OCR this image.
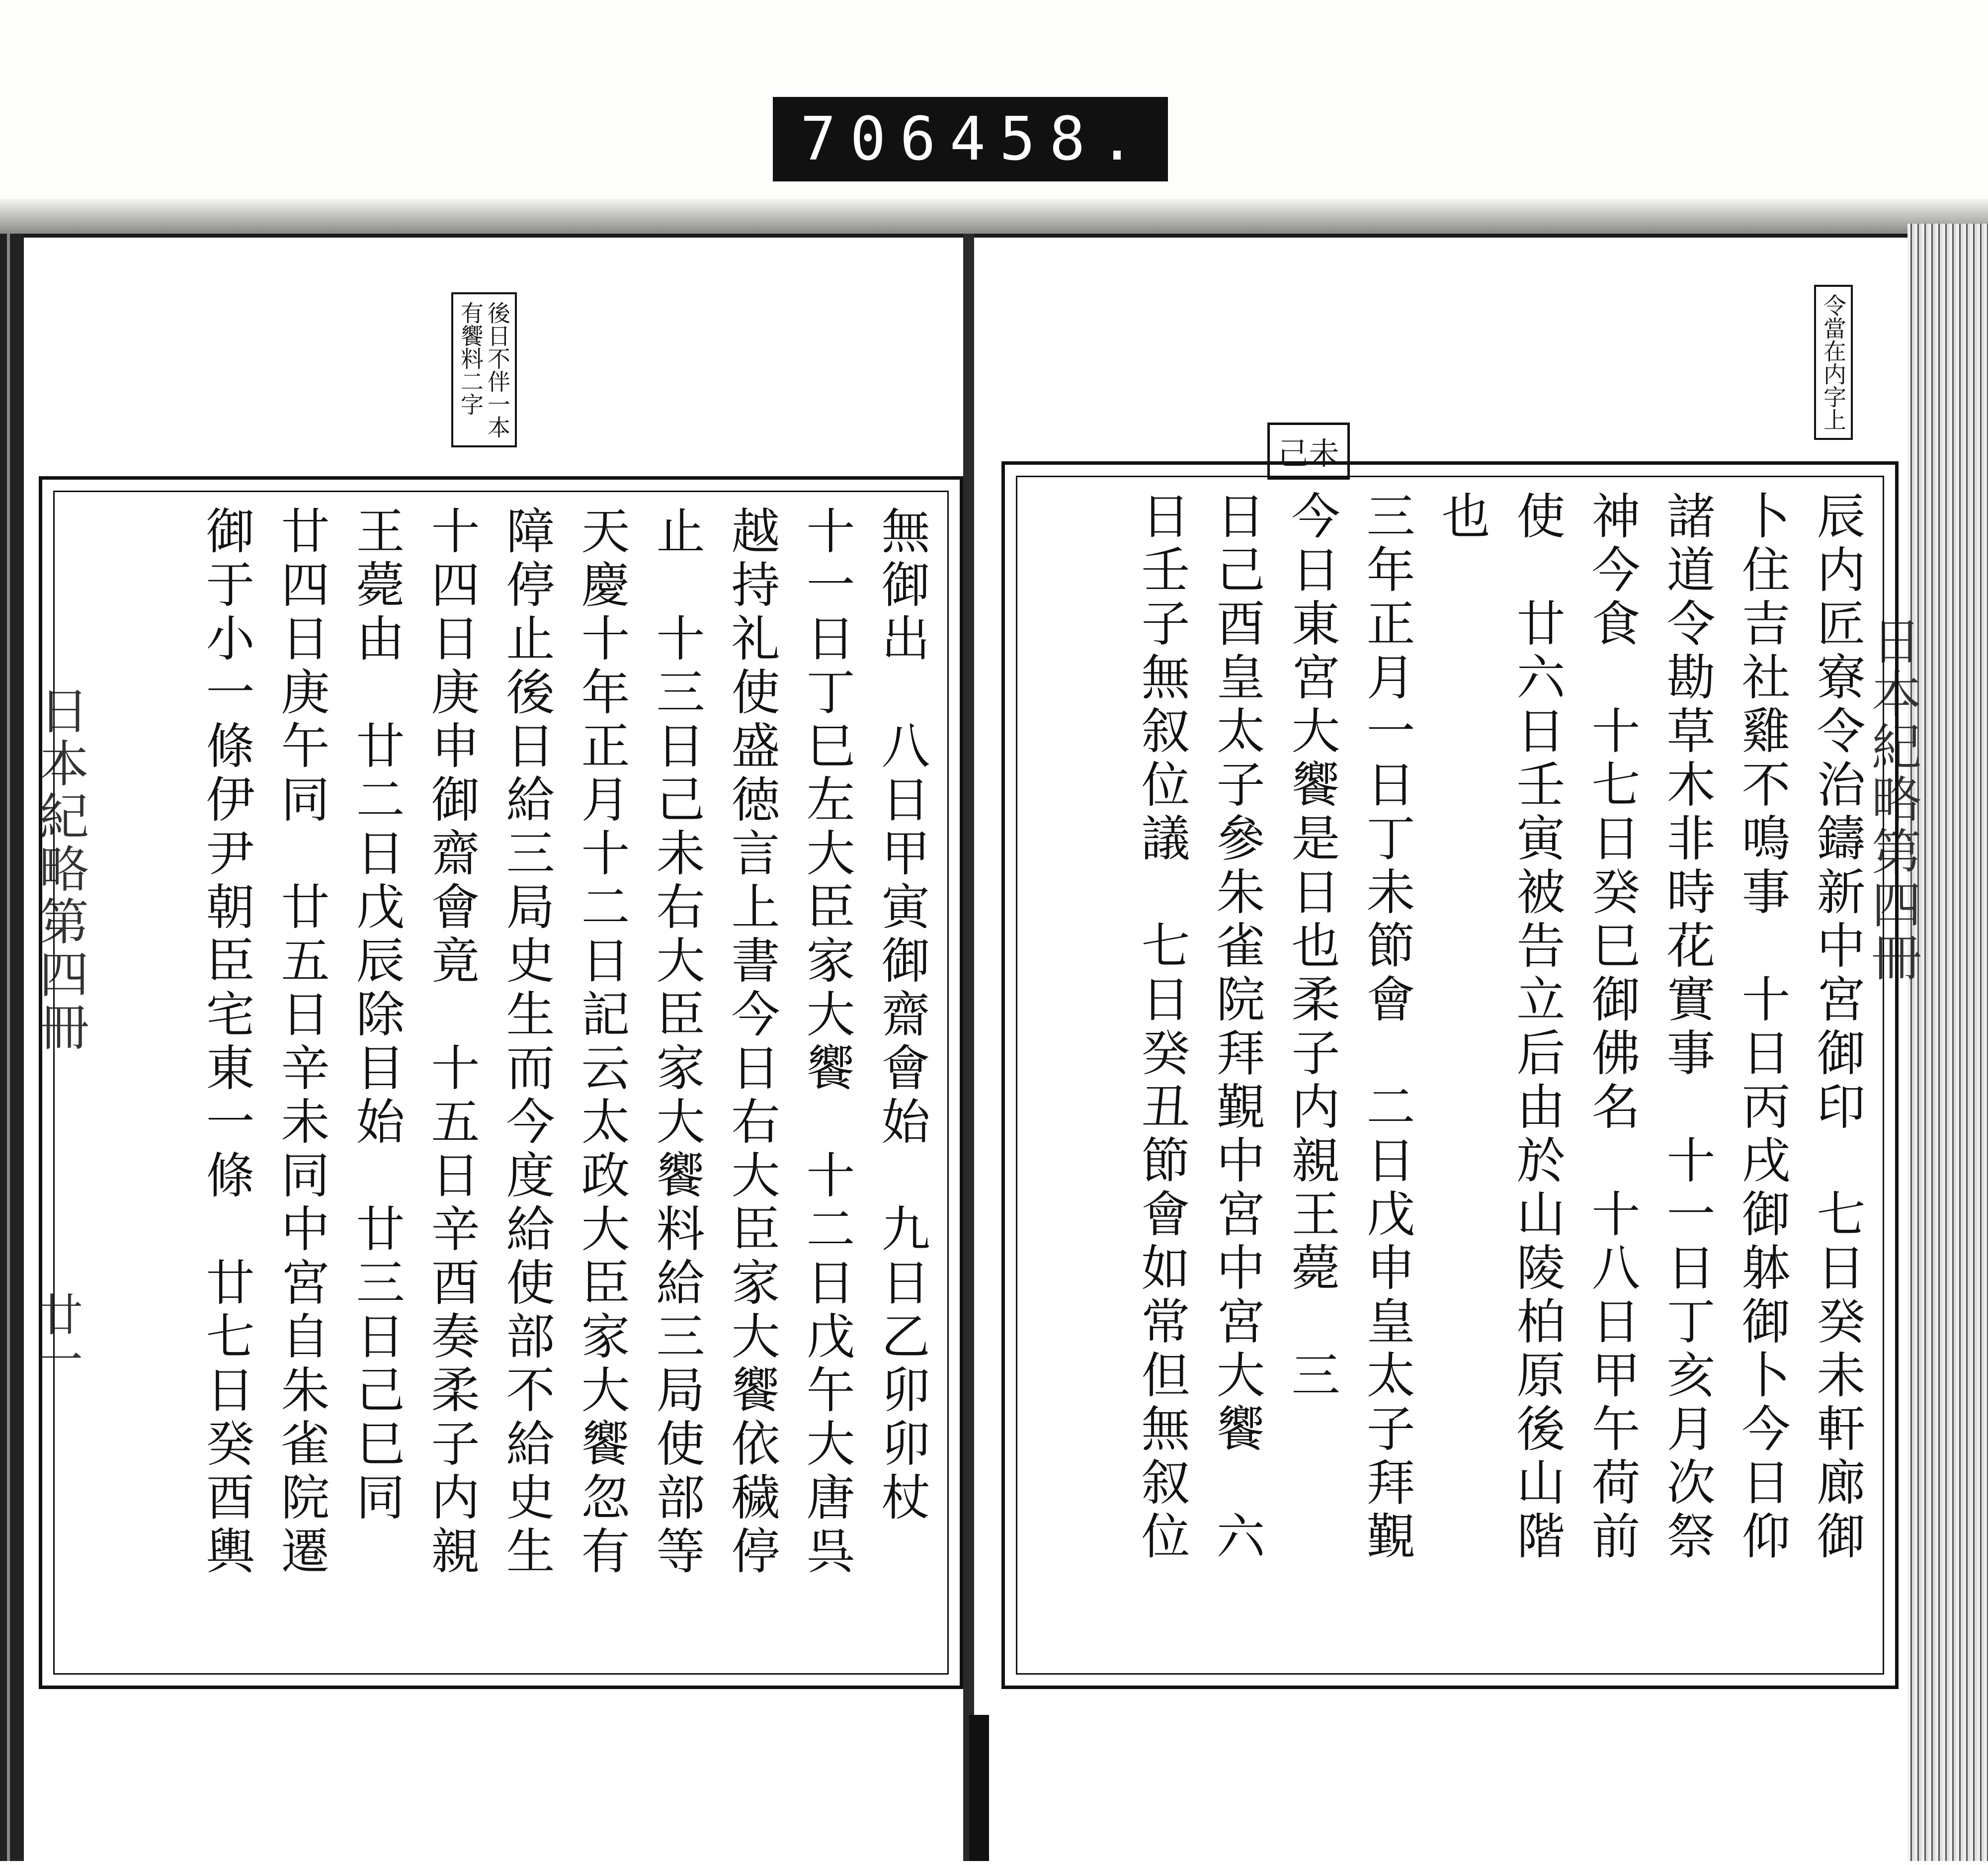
706 458.
日本紀略第四冊
廿一
後日不伴一本
有饗料二字
無御出　八日甲寅御齋會始　九日乙卯卯杖
十一日丁巳左大臣家大饗　十二日戊午大唐呉
越持礼使盛徳言上書今日右大臣家大饗依穢停
止　十三日己未右大臣家大饗料給三局使部等
天慶十年正月十二日記云太政大臣家大饗忽有
障停止後日給三局史生而今度給使部不給史生
十四日庚申御齋會竟　十五日辛酉奏柔子内親
王薨由　廿二日戊辰除目始　廿三日己巳同
廿四日庚午同　廿五日辛未同中宮自朱雀院遷
御于小一條伊尹朝臣宅東一條　廿七日癸酉輿	日本紀略第四冊
令當在内字上
己未
辰内匠寮令治鑄新中宮御印　七日癸未軒廊御
卜住吉社雞不鳴事　十日丙戌御躰御卜今日仰
諸道令勘草木非時花實事　十一日丁亥月次祭
神今食　十七日癸巳御佛名　十八日甲午荷前
使　廿六日壬寅被告立后由於山陵柏原後山階
也
三年正月一日丁未節會　二日戊申皇太子拜覲
今日東宮大饗是日也柔子内親王薨　三
日己酉皇太子參朱雀院拜覲中宮中宮大饗　六
日壬子無叙位議　七日癸丑節會如常但無叙位
